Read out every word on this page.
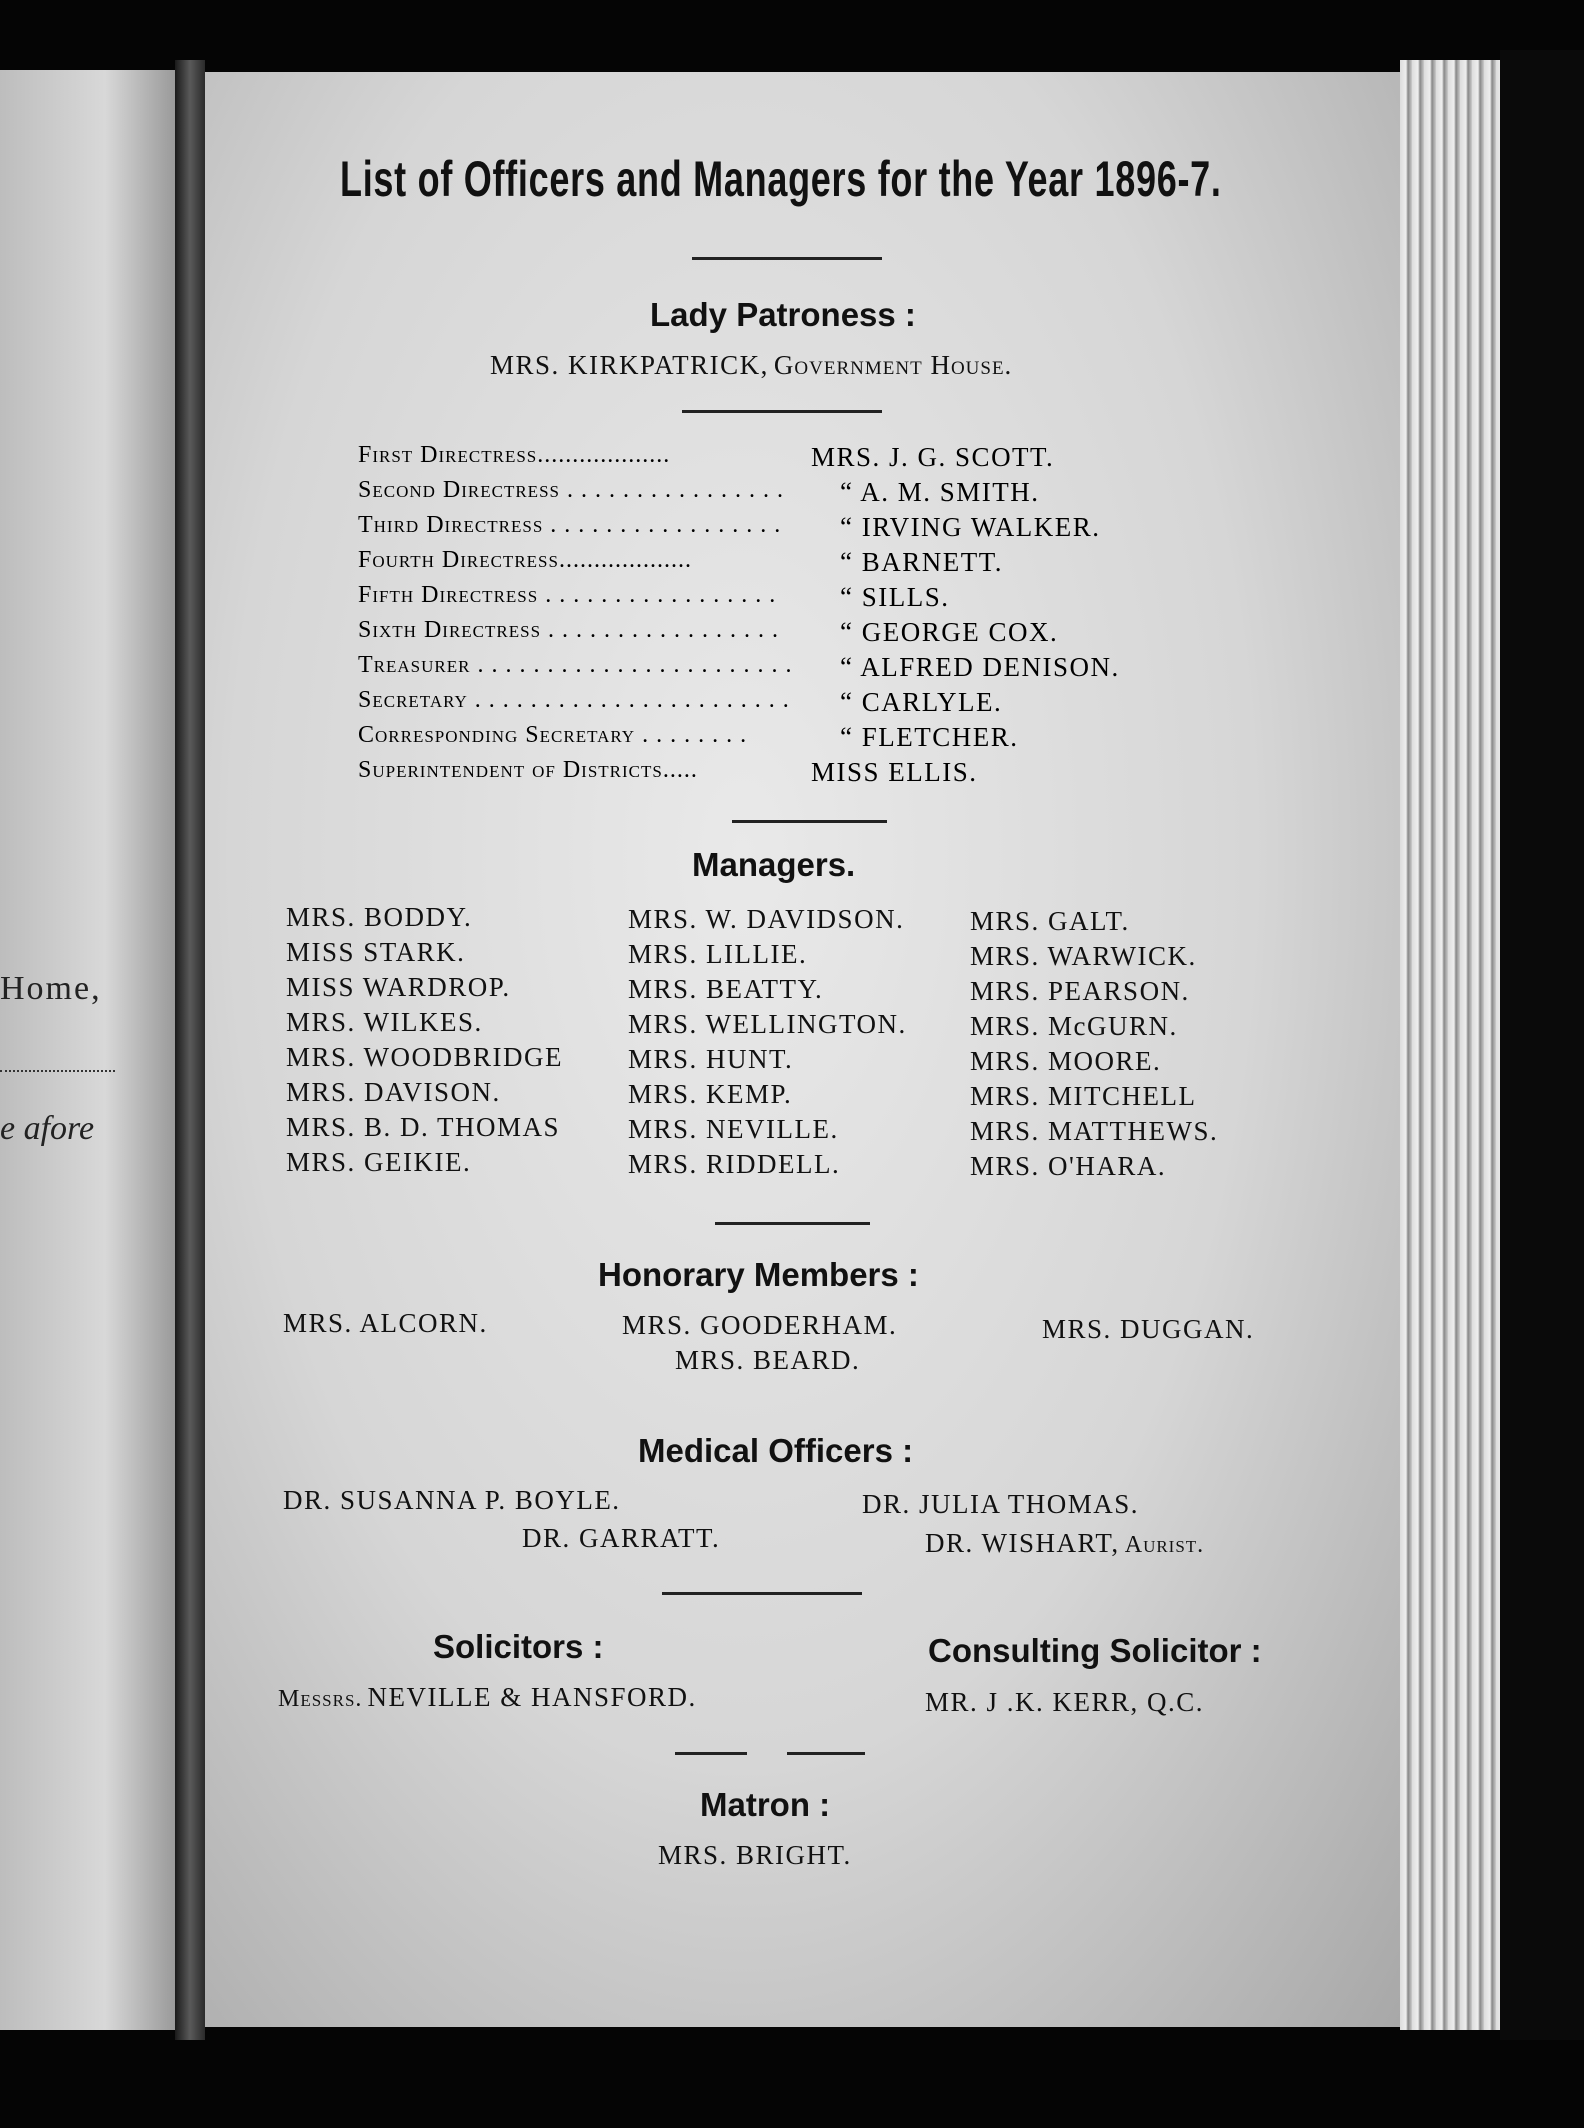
Home,
e afore
List of Officers and Managers for the Year 1896-7.
Lady Patroness :
MRS. KIRKPATRICK, Government House.
First Directress...................	MRS. J. G. SCOTT.
Second Directress . . . . . . . . . . . . . . . . “ A. M. SMITH.
Third Directress . . . . . . . . . . . . . . . . . “ IRVING WALKER.
Fourth Directress...................	“ BARNETT.
Fifth Directress . . . . . . . . . . . . . . . . . “ SILLS.
Sixth Directress . . . . . . . . . . . . . . . . . “ GEORGE COX.
Treasurer . . . . . . . . . . . . . . . . . . . . . . . “ ALFRED DENISON.
Secretary . . . . . . . . . . . . . . . . . . . . . . . “ CARLYLE.
Corresponding Secretary . . . . . . . .	“ FLETCHER.
Superintendent of Districts.....	MISS ELLIS.
Managers.
MRS. BODDY.
MISS STARK.
MISS WARDROP.
MRS. WILKES.
MRS. WOODBRIDGE
MRS. DAVISON.
MRS. B. D. THOMAS
MRS. GEIKIE.
MRS. W. DAVIDSON.
MRS. LILLIE.
MRS. BEATTY.
MRS. WELLINGTON.
MRS. HUNT.
MRS. KEMP.
MRS. NEVILLE.
MRS. RIDDELL.
MRS. GALT.
MRS. WARWICK.
MRS. PEARSON.
MRS. McGURN.
MRS. MOORE.
MRS. MITCHELL
MRS. MATTHEWS.
MRS. O'HARA.
Honorary Members :
MRS. ALCORN.	MRS. GOODERHAM.
MRS. BEARD.
MRS. DUGGAN.
Medical Officers :
DR. SUSANNA P. BOYLE.
DR. GARRATT.
DR. JULIA THOMAS.
DR. WISHART, Aurist.
Solicitors :
Messrs. NEVILLE & HANSFORD.
Consulting Solicitor :
MR. J .K. KERR, Q.C.
Matron :
MRS. BRIGHT.
